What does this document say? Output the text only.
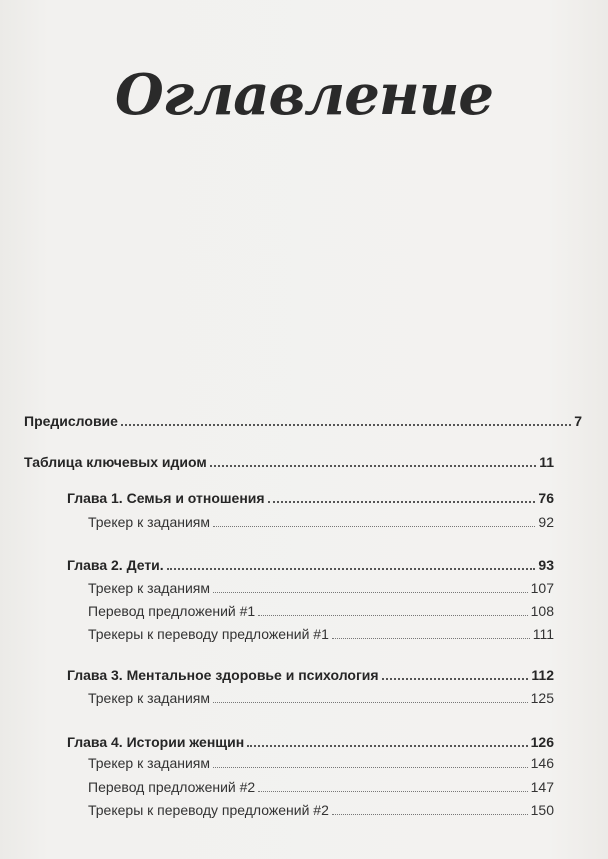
Оглавление
Предисловие	7
Таблица ключевых идиом	11
Глава 1. Семья и отношения	76
Трекер к заданиям	92
Глава 2. Дети.	93
Трекер к заданиям	107
Перевод предложений #1	108
Трекеры к переводу предложений #1	111
Глава 3. Ментальное здоровье и психология	112
Трекер к заданиям	125
Глава 4. Истории женщин	126
Трекер к заданиям	146
Перевод предложений #2	147
Трекеры к переводу предложений #2	150
